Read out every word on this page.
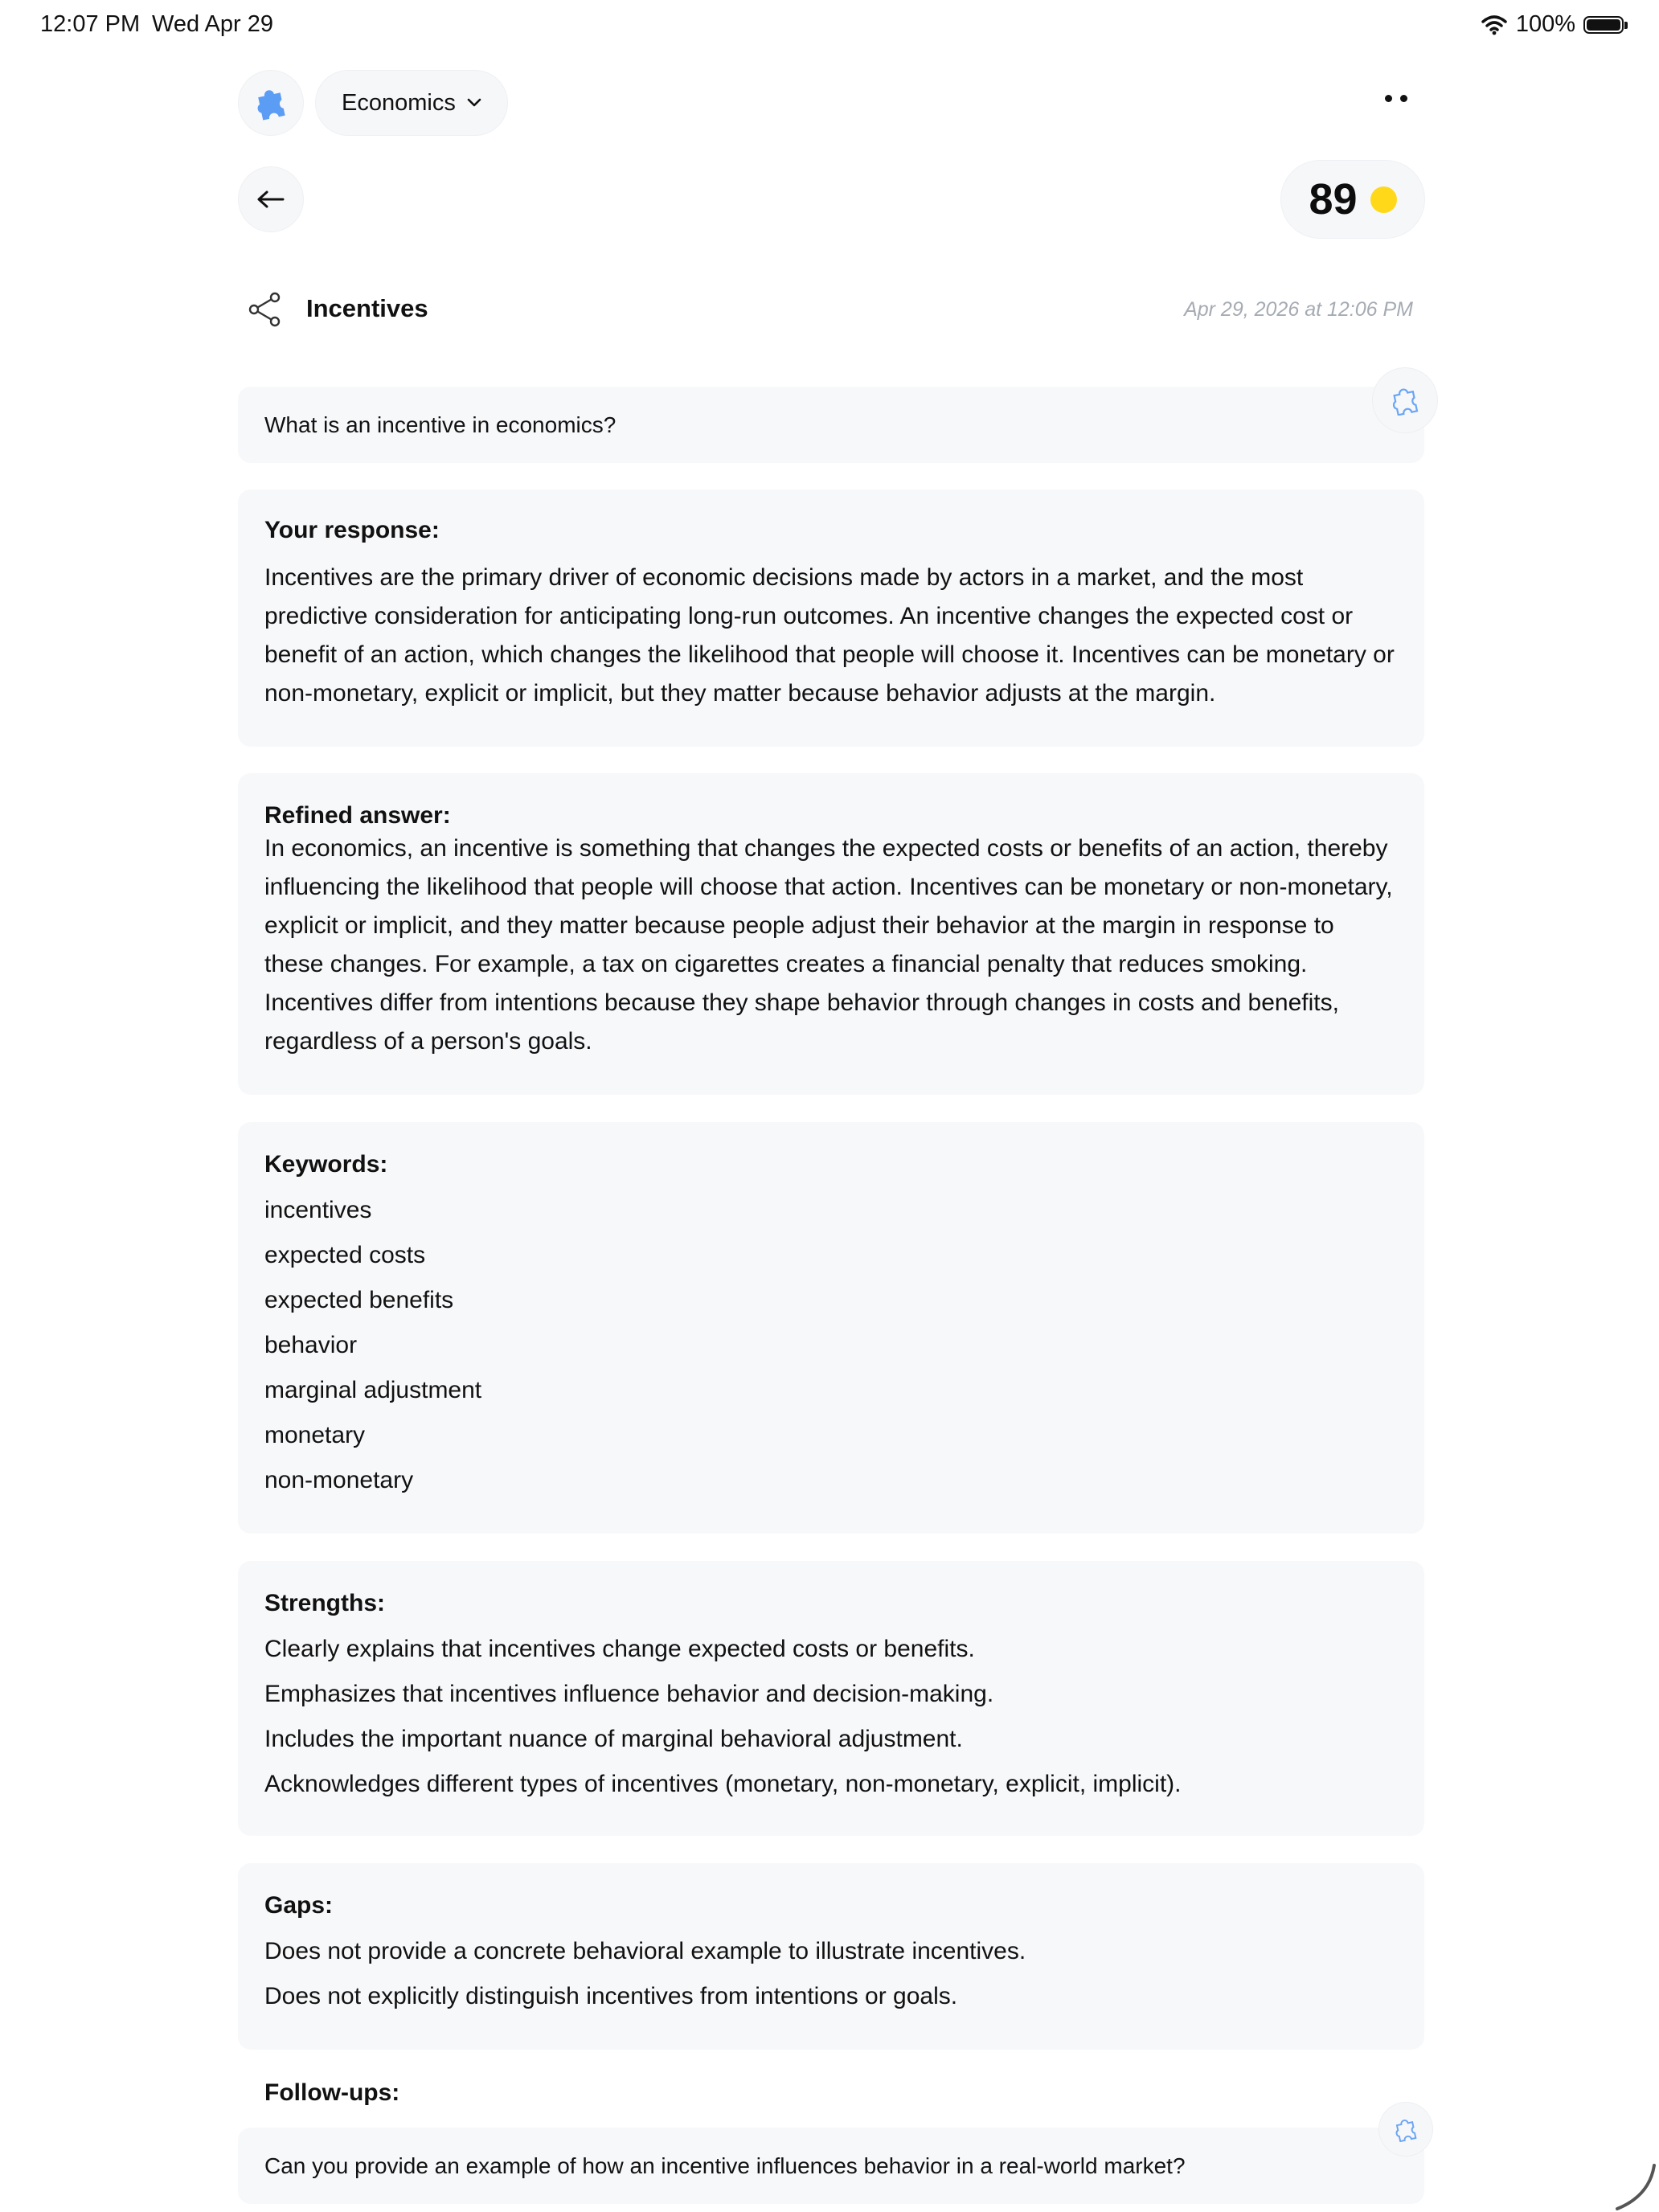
12:07 PM Wed Apr 29	100%
Economics
89
Incentives	Apr 29, 2026 at 12:06 PM
What is an incentive in economics?
Your response:
Incentives are the primary driver of economic decisions made by actors in a market, and the most predictive consideration for anticipating long-run outcomes. An incentive changes the expected cost or benefit of an action, which changes the likelihood that people will choose it. Incentives can be monetary or non-monetary, explicit or implicit, but they matter because behavior adjusts at the margin.
Refined answer:
In economics, an incentive is something that changes the expected costs or benefits of an action, thereby influencing the likelihood that people will choose that action. Incentives can be monetary or non-monetary, explicit or implicit, and they matter because people adjust their behavior at the margin in response to these changes. For example, a tax on cigarettes creates a financial penalty that reduces smoking. Incentives differ from intentions because they shape behavior through changes in costs and benefits, regardless of a person's goals.
Keywords:
incentives
expected costs
expected benefits
behavior
marginal adjustment
monetary
non-monetary
Strengths:
Clearly explains that incentives change expected costs or benefits.
Emphasizes that incentives influence behavior and decision-making.
Includes the important nuance of marginal behavioral adjustment.
Acknowledges different types of incentives (monetary, non-monetary, explicit, implicit).
Gaps:
Does not provide a concrete behavioral example to illustrate incentives.
Does not explicitly distinguish incentives from intentions or goals.
Follow-ups:
Can you provide an example of how an incentive influences behavior in a real-world market?
